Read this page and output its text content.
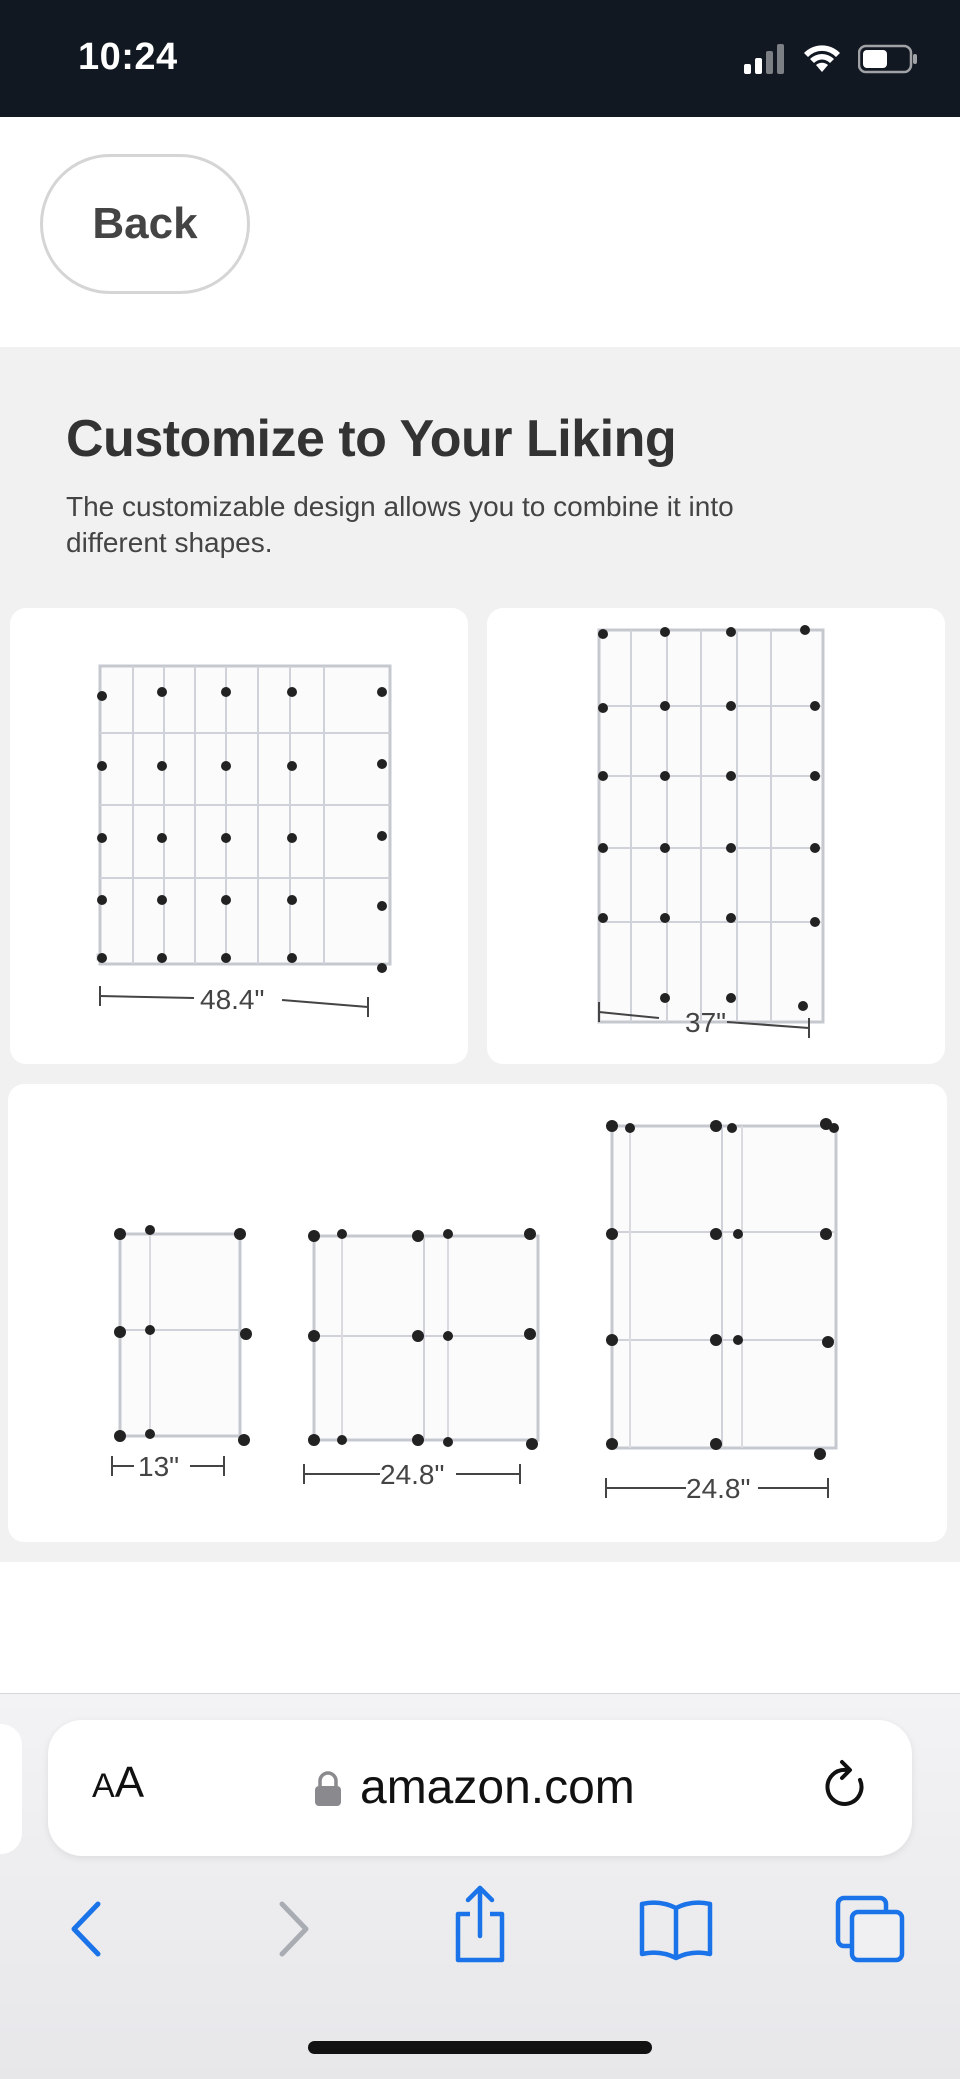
10:24
Back
Customize to Your Liking
The customizable design allows you to combine it into different shapes.
48.4"
37"
13"	24.8"	24.8"
AA	amazon.com
